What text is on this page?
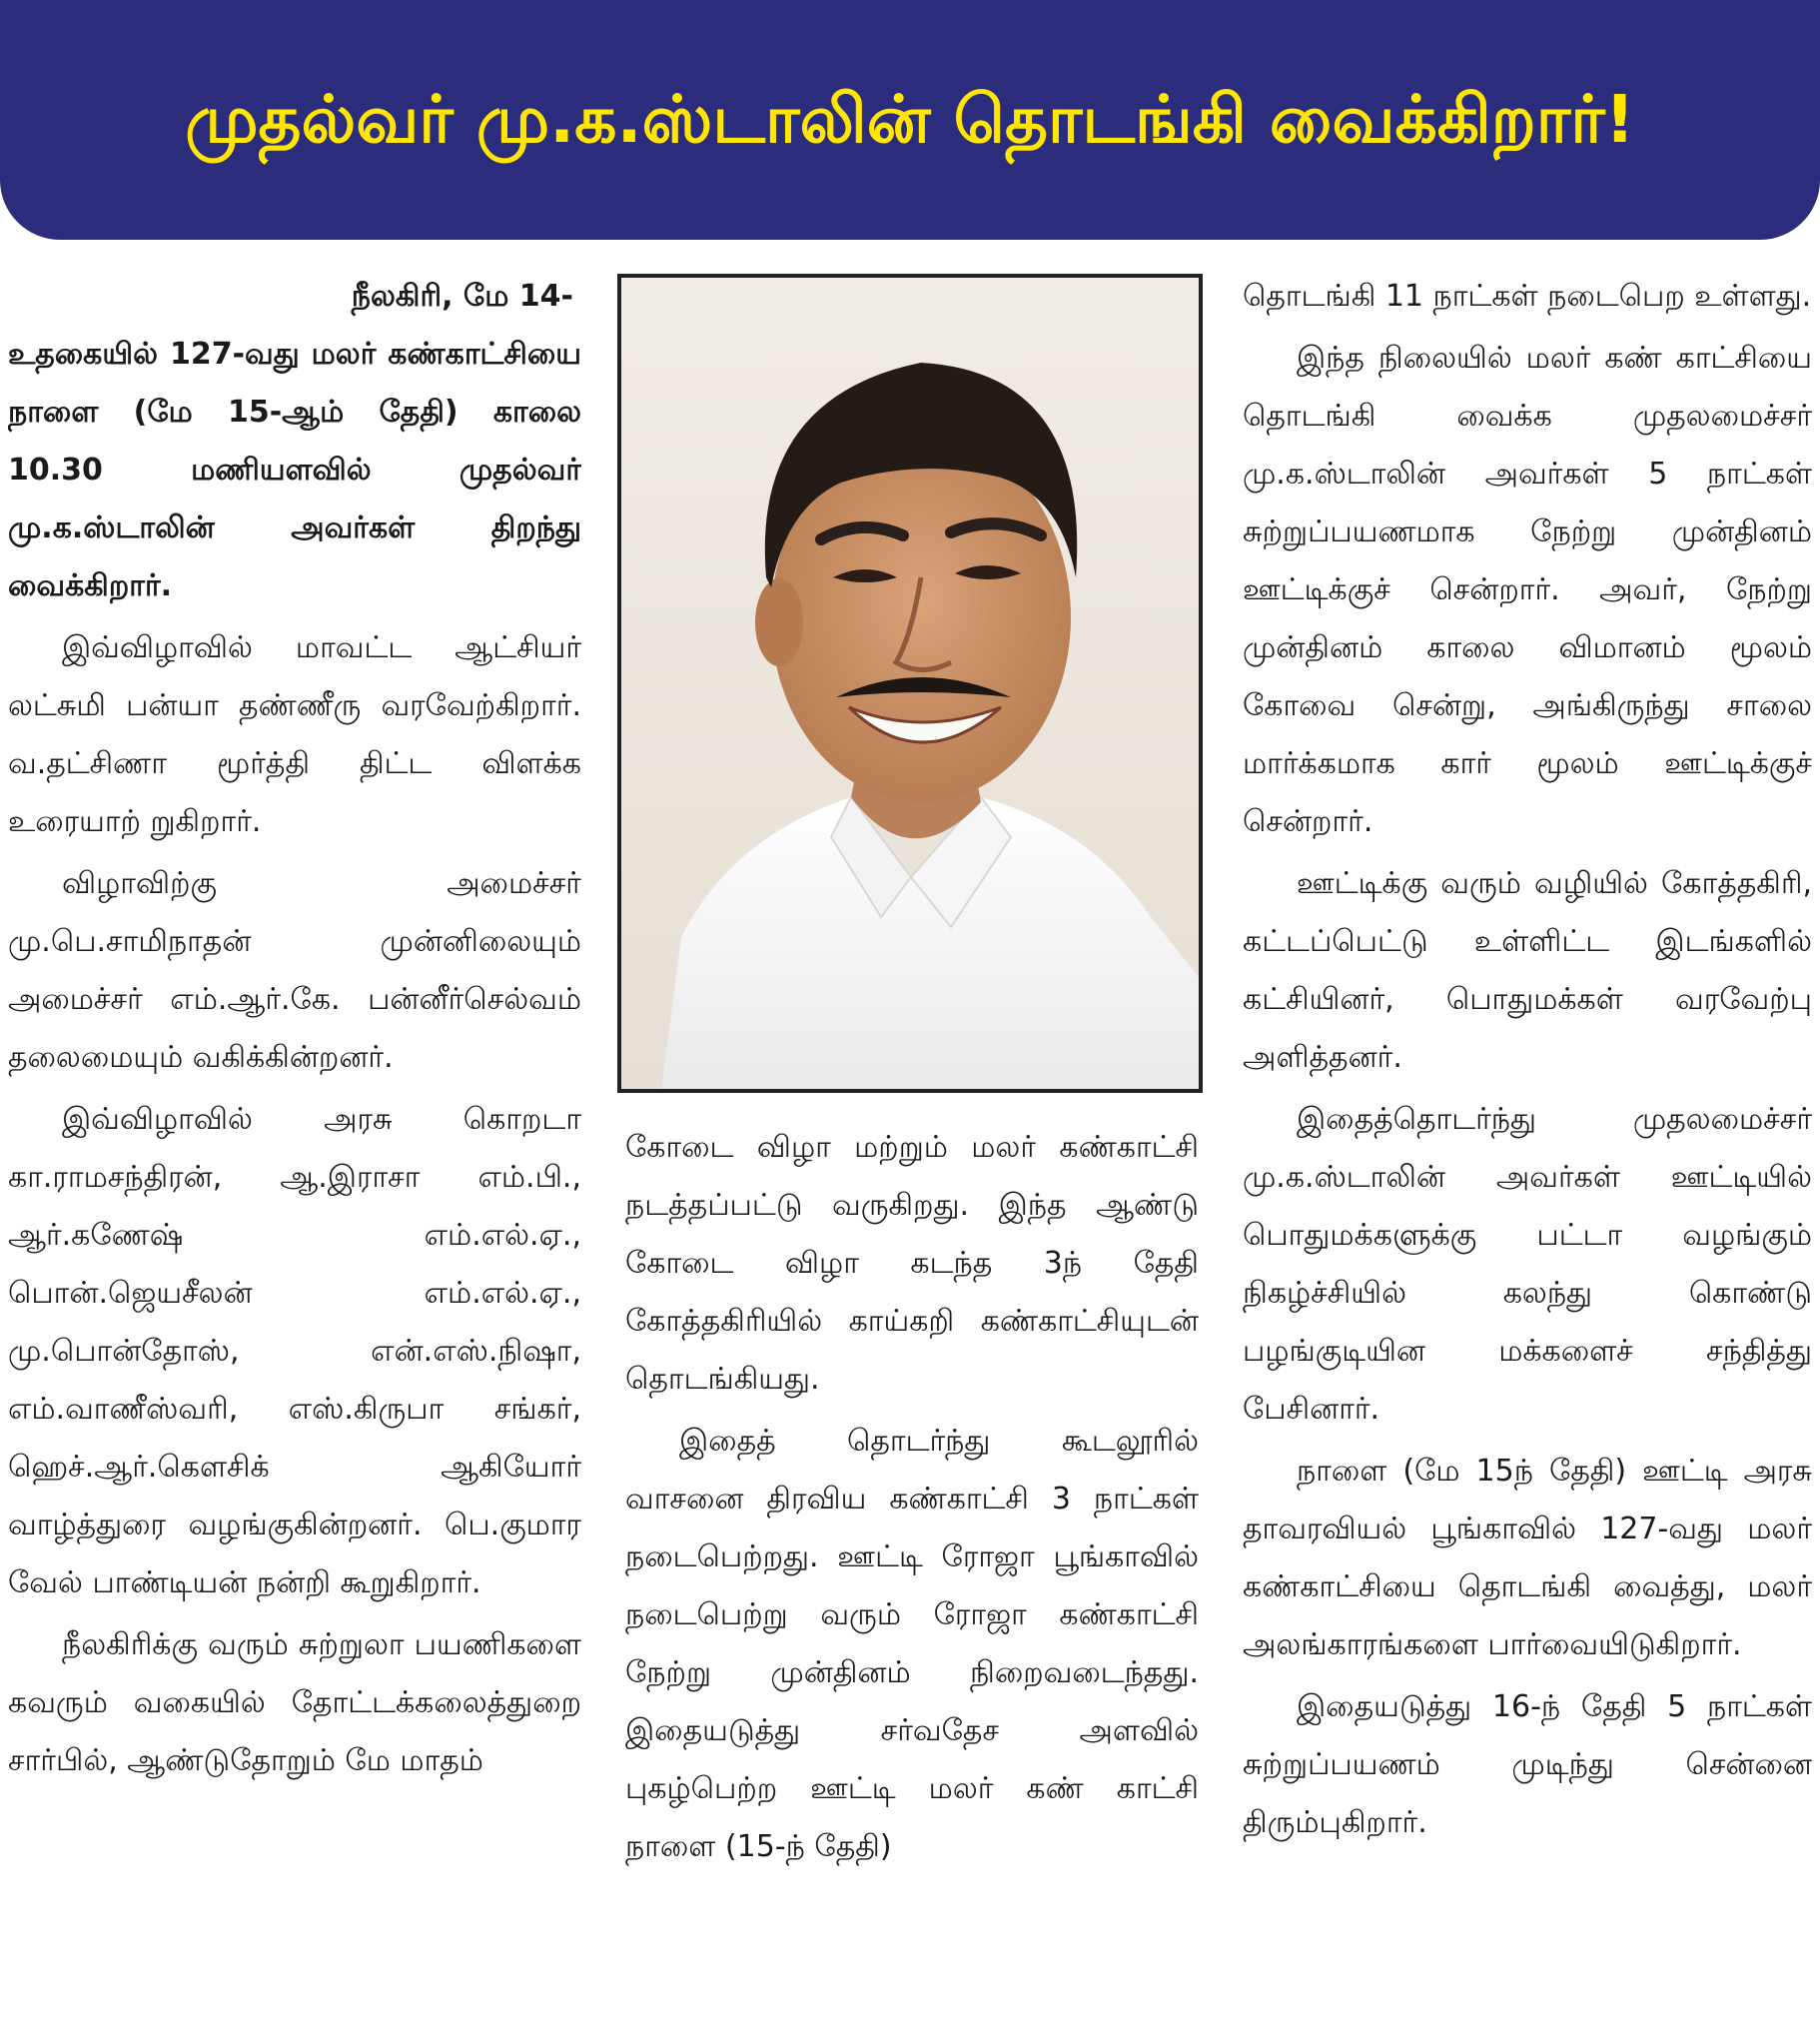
முதல்வர் மு.க.ஸ்டாலின் தொடங்கி வைக்கிறார்!

நீலகிரி, மே 14-

உதகையில் 127-வது மலர் கண்காட்சியை நாளை (மே 15-ஆம் தேதி) காலை 10.30 மணியளவில் முதல்வர் மு.க.ஸ்டாலின் அவர்கள் திறந்து வைக்கிறார்.

இவ்விழாவில் மாவட்ட ஆட்சியர் லட்சுமி பன்யா தண்ணீரு வரவேற்கிறார். வ.தட்சிணா மூர்த்தி திட்ட விளக்க உரையாற் றுகிறார்.

விழாவிற்கு அமைச்சர் மு.பெ.சாமிநாதன் முன்னிலையும் அமைச்சர் எம்.ஆர்.கே. பன்னீர்செல்வம் தலைமையும் வகிக்கின்றனர்.

இவ்விழாவில் அரசு கொறடா கா.ராமசந்திரன், ஆ.இராசா எம்.பி., ஆர்.கணேஷ் எம்.எல்.ஏ., பொன்.ஜெயசீலன் எம்.எல்.ஏ., மு.பொன்தோஸ், என்.எஸ்.நிஷா, எம்.வாணீஸ்வரி, எஸ்.கிருபா சங்கர், ஹெச்.ஆர்.கௌசிக் ஆகியோர் வாழ்த்துரை வழங்குகின்றனர். பெ.குமார வேல் பாண்டியன் நன்றி கூறுகிறார்.

நீலகிரிக்கு வரும் சுற்றுலா பயணிகளை கவரும் வகையில் தோட்டக்கலைத்துறை சார்பில், ஆண்டுதோறும் மே மாதம்

கோடை விழா மற்றும் மலர் கண்காட்சி நடத்தப்பட்டு வருகிறது. இந்த ஆண்டு கோடை விழா கடந்த 3ந் தேதி கோத்தகிரியில் காய்கறி கண்காட்சியுடன் தொடங்கியது.

இதைத் தொடர்ந்து கூடலூரில் வாசனை திரவிய கண்காட்சி 3 நாட்கள் நடைபெற்றது. ஊட்டி ரோஜா பூங்காவில் நடைபெற்று வரும் ரோஜா கண்காட்சி நேற்று முன்தினம் நிறைவடைந்தது. இதையடுத்து சர்வதேச அளவில் புகழ்பெற்ற ஊட்டி மலர் கண் காட்சி நாளை (15-ந் தேதி)

தொடங்கி 11 நாட்கள் நடைபெற உள்ளது.

இந்த நிலையில் மலர் கண் காட்சியை தொடங்கி வைக்க முதலமைச்சர் மு.க.ஸ்டாலின் அவர்கள் 5 நாட்கள் சுற்றுப்பயணமாக நேற்று முன்தினம் ஊட்டிக்குச் சென்றார். அவர், நேற்று முன்தினம் காலை விமானம் மூலம் கோவை சென்று, அங்கிருந்து சாலை மார்க்கமாக கார் மூலம் ஊட்டிக்குச் சென்றார்.

ஊட்டிக்கு வரும் வழியில் கோத்தகிரி, கட்டப்பெட்டு உள்ளிட்ட இடங்களில் கட்சியினர், பொதுமக்கள் வரவேற்பு அளித்தனர்.

இதைத்தொடர்ந்து முதலமைச்சர் மு.க.ஸ்டாலின் அவர்கள் ஊட்டியில் பொதுமக்களுக்கு பட்டா வழங்கும் நிகழ்ச்சியில் கலந்து கொண்டு பழங்குடியின மக்களைச் சந்தித்து பேசினார்.

நாளை (மே 15ந் தேதி) ஊட்டி அரசு தாவரவியல் பூங்காவில் 127-வது மலர் கண்காட்சியை தொடங்கி வைத்து, மலர் அலங்காரங்களை பார்வையிடுகிறார்.

இதையடுத்து 16-ந் தேதி 5 நாட்கள் சுற்றுப்பயணம் முடிந்து சென்னை திரும்புகிறார்.
